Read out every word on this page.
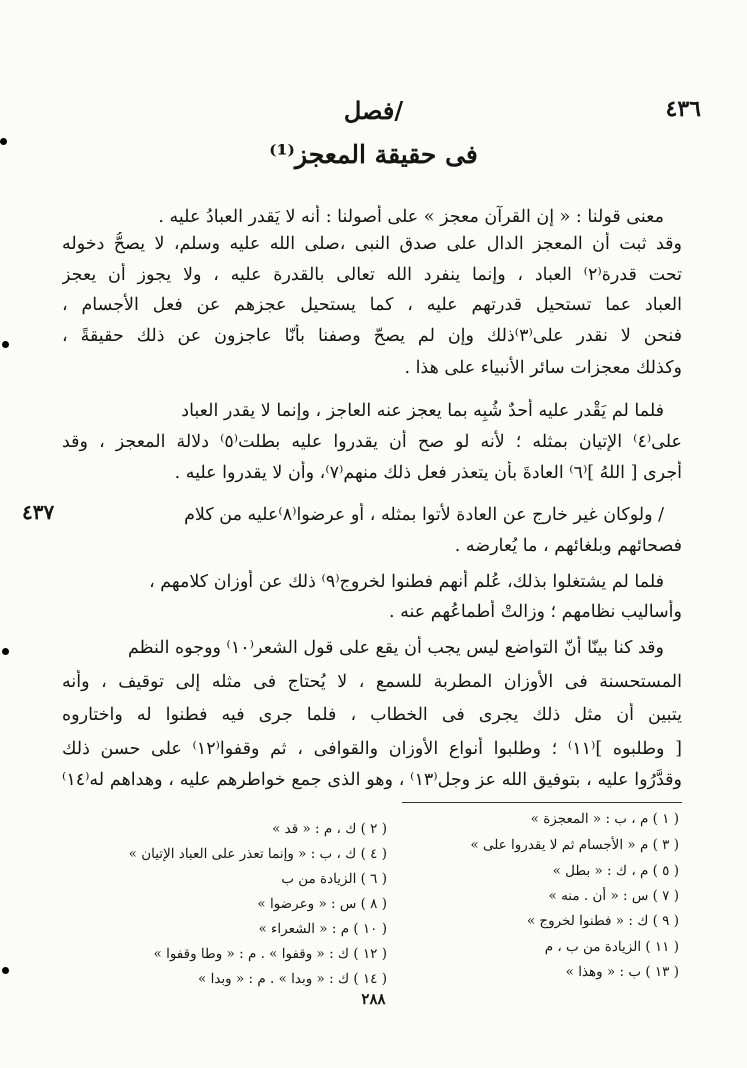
٤٣٦
/فصل
فى حقيقة المعجز⁽¹⁾
معنى قولنا : « إن القرآن معجز » على أصولنا : أنه لا يَقدر العبادُ عليه .
وقد ثبت أن المعجز الدال على صدق النبى ،صلى الله عليه وسلم، لا يصحُّ دخوله
تحت قدرة⁽٢⁾ العباد ، وإنما ينفرد الله تعالى بالقدرة عليه ، ولا يجوز أن يعجز
العباد عما تستحيل قدرتهم عليه ، كما يستحيل عجزهم عن فعل الأجسام ،
فنحن لا نقدر على⁽٣⁾ذلك وإن لم يصحّ وصفنا بأنّا عاجزون عن ذلك حقيقةً ،
وكذلك معجزات سائر الأنبياء على هذا .
فلما لم يَقْدر عليه أحدٌ شُبِه بما يعجز عنه العاجز ، وإنما لا يقدر العباد
على⁽٤⁾ الإتيان بمثله ؛ لأنه لو صح أن يقدروا عليه بطلت⁽٥⁾ دلالة المعجز ، وقد
أجرى [ اللهُ ]⁽٦⁾ العادةَ بأن يتعذر فعل ذلك منهم⁽٧⁾، وأن لا يقدروا عليه .
/ ولوكان غير خارج عن العادة لأتوا بمثله ، أو عرضوا⁽٨⁾عليه من كلام
فصحائهم وبلغائهم ، ما يُعارضه .
فلما لم يشتغلوا بذلك، عُلم أنهم فطنوا لخروج⁽٩⁾ ذلك عن أوزان كلامهم ،
وأساليب نظامهم ؛ وزالتْ أطماعُهم عنه .
وقد كنا بينّا أنّ التواضع ليس يجب أن يقع على قول الشعر⁽١٠⁾ ووجوه النظم
المستحسنة فى الأوزان المطربة للسمع ، لا يُحتاج فى مثله إلى توقيف ، وأنه
يتبين أن مثل ذلك يجرى فى الخطاب ، فلما جرى فيه فطنوا له واختاروه
[ وطلبوه ]⁽١١⁾ ؛ وطلبوا أنواع الأوزان والقوافى ، ثم وقفوا⁽١٢⁾ على حسن ذلك
وقدَّرُوا عليه ، بتوفيق الله عز وجل⁽١٣⁾ ، وهو الذى جمع خواطرهم عليه ، وهداهم له⁽١٤⁾
٤٣٧
( ١ ) م ، ب : « المعجزة »
( ٣ ) م « الأجسام ثم لا يقدروا على »
( ٥ ) م ، ك : « بطل »
( ٧ ) س : « أن . منه »
( ٩ ) ك : « فطنوا لخروج »
( ١١ ) الزيادة من ب ، م
( ١٣ ) ب : « وهذا »
( ٢ ) ك ، م : « قد »
( ٤ ) ك ، ب : « وإنما تعذر على العباد الإتيان »
( ٦ ) الزيادة من ب
( ٨ ) س : « وعرضوا »
( ١٠ ) م : « الشعراء »
( ١٢ ) ك : « وقفوا » . م : « وطا وقفوا »
( ١٤ ) ك : « وبدا » . م : « وبدا »
٢٨٨
